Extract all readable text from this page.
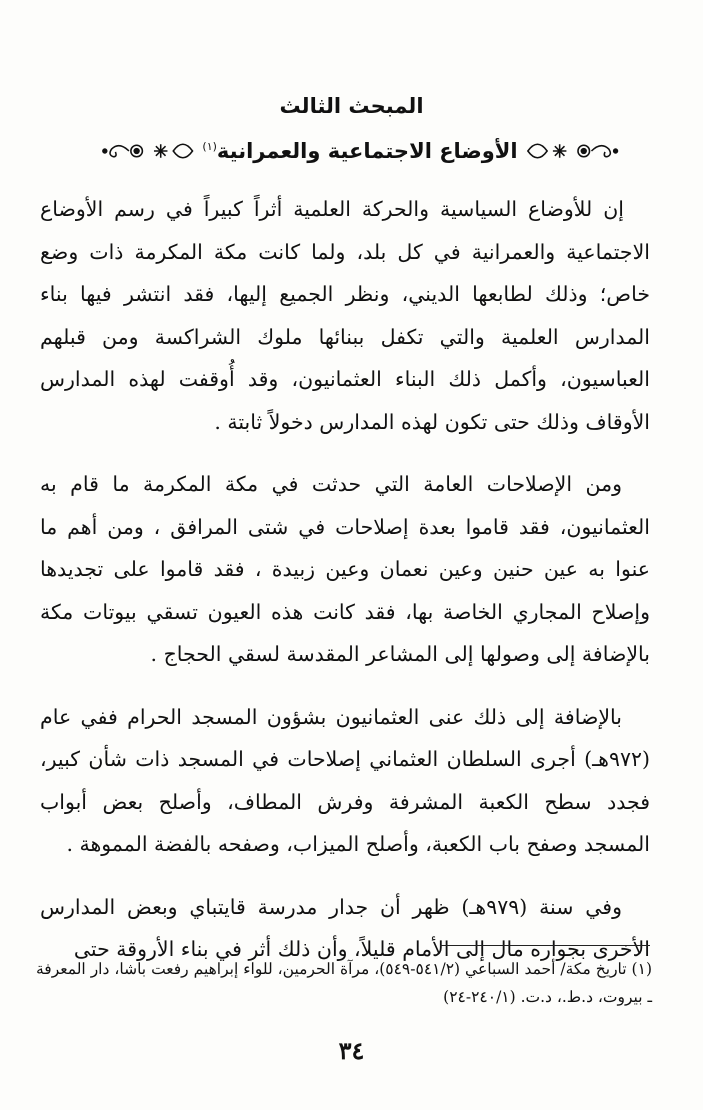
المبحث الثالث
الأوضاع الاجتماعية والعمرانية$^{(١)}$

إن للأوضاع السياسية والحركة العلمية أثراً كبيراً في رسم الأوضاع الاجتماعية والعمرانية في كل بلد، ولما كانت مكة المكرمة ذات وضع خاص؛ وذلك لطابعها الديني، ونظر الجميع إليها، فقد انتشر فيها بناء المدارس العلمية والتي تكفل ببنائها ملوك الشراكسة ومن قبلهم العباسيون، وأكمل ذلك البناء العثمانيون، وقد أُوقفت لهذه المدارس الأوقاف وذلك حتى تكون لهذه المدارس دخولاً ثابتة .

ومن الإصلاحات العامة التي حدثت في مكة المكرمة ما قام به العثمانيون، فقد قاموا بعدة إصلاحات في شتى المرافق ، ومن أهم ما عنوا به عين حنين وعين نعمان وعين زبيدة ، فقد قاموا على تجديدها وإصلاح المجاري الخاصة بها، فقد كانت هذه العيون تسقي بيوتات مكة بالإضافة إلى وصولها إلى المشاعر المقدسة لسقي الحجاج .

بالإضافة إلى ذلك عنى العثمانيون بشؤون المسجد الحرام ففي عام (٩٧٢هـ) أجرى السلطان العثماني إصلاحات في المسجد ذات شأن كبير، فجدد سطح الكعبة المشرفة وفرش المطاف، وأصلح بعض أبواب المسجد وصفح باب الكعبة، وأصلح الميزاب، وصفحه بالفضة المموهة .

وفي سنة (٩٧٩هـ) ظهر أن جدار مدرسة قايتباي وبعض المدارس الأخرى بجواره مال إلى الأمام قليلاً، وأن ذلك أثر في بناء الأروقة حتى

(١) تاريخ مكة/ أحمد السباعي (٥٤١/٢-٥٤٩)، مرآة الحرمين، للواء إبراهيم رفعت باشا، دار المعرفة ـ بيروت، د.ط.، د.ت. (٢٤٠/١-٢٤)

٣٤
